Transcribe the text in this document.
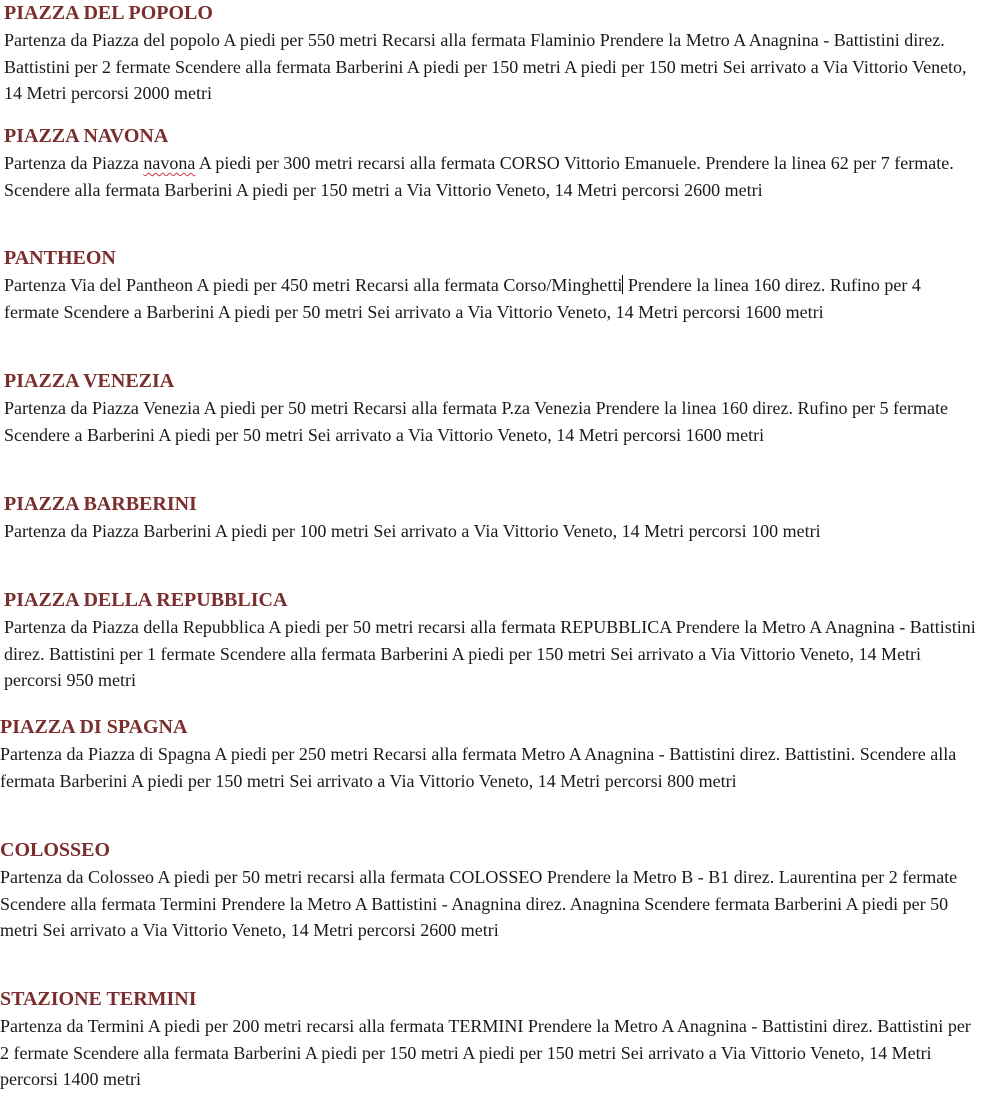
PIAZZA DEL POPOLO

Partenza da Piazza del popolo A piedi per 550 metri Recarsi alla fermata Flaminio Prendere la Metro A Anagnina - Battistini direz. Battistini per 2 fermate Scendere alla fermata Barberini A piedi per 150 metri A piedi per 150 metri Sei arrivato a Via Vittorio Veneto, 14 Metri percorsi 2000 metri

PIAZZA NAVONA

Partenza da Piazza navona A piedi per 300 metri recarsi alla fermata CORSO Vittorio Emanuele. Prendere la linea 62 per 7 fermate. Scendere alla fermata Barberini A piedi per 150 metri a Via Vittorio Veneto, 14 Metri percorsi 2600 metri

PANTHEON

Partenza Via del Pantheon A piedi per 450 metri Recarsi alla fermata Corso/Minghetti Prendere la linea 160 direz. Rufino per 4 fermate Scendere a Barberini A piedi per 50 metri Sei arrivato a Via Vittorio Veneto, 14 Metri percorsi 1600 metri

PIAZZA VENEZIA

Partenza da Piazza Venezia A piedi per 50 metri Recarsi alla fermata P.za Venezia Prendere la linea 160 direz. Rufino per 5 fermate Scendere a Barberini A piedi per 50 metri Sei arrivato a Via Vittorio Veneto, 14 Metri percorsi 1600 metri

PIAZZA BARBERINI

Partenza da Piazza Barberini A piedi per 100 metri Sei arrivato a Via Vittorio Veneto, 14 Metri percorsi 100 metri

PIAZZA DELLA REPUBBLICA

Partenza da Piazza della Repubblica A piedi per 50 metri recarsi alla fermata REPUBBLICA Prendere la Metro A Anagnina - Battistini direz. Battistini per 1 fermate Scendere alla fermata Barberini A piedi per 150 metri Sei arrivato a Via Vittorio Veneto, 14 Metri percorsi 950 metri

PIAZZA DI SPAGNA

Partenza da Piazza di Spagna A piedi per 250 metri Recarsi alla fermata Metro A Anagnina - Battistini direz. Battistini. Scendere alla fermata Barberini A piedi per 150 metri Sei arrivato a Via Vittorio Veneto, 14 Metri percorsi 800 metri

COLOSSEO

Partenza da Colosseo A piedi per 50 metri recarsi alla fermata COLOSSEO Prendere la Metro B - B1 direz. Laurentina per 2 fermate Scendere alla fermata Termini Prendere la Metro A Battistini - Anagnina direz. Anagnina Scendere fermata Barberini A piedi per 50 metri Sei arrivato a Via Vittorio Veneto, 14 Metri percorsi 2600 metri

STAZIONE TERMINI

Partenza da Termini A piedi per 200 metri recarsi alla fermata TERMINI Prendere la Metro A Anagnina - Battistini direz. Battistini per 2 fermate Scendere alla fermata Barberini A piedi per 150 metri A piedi per 150 metri Sei arrivato a Via Vittorio Veneto, 14 Metri percorsi 1400 metri
